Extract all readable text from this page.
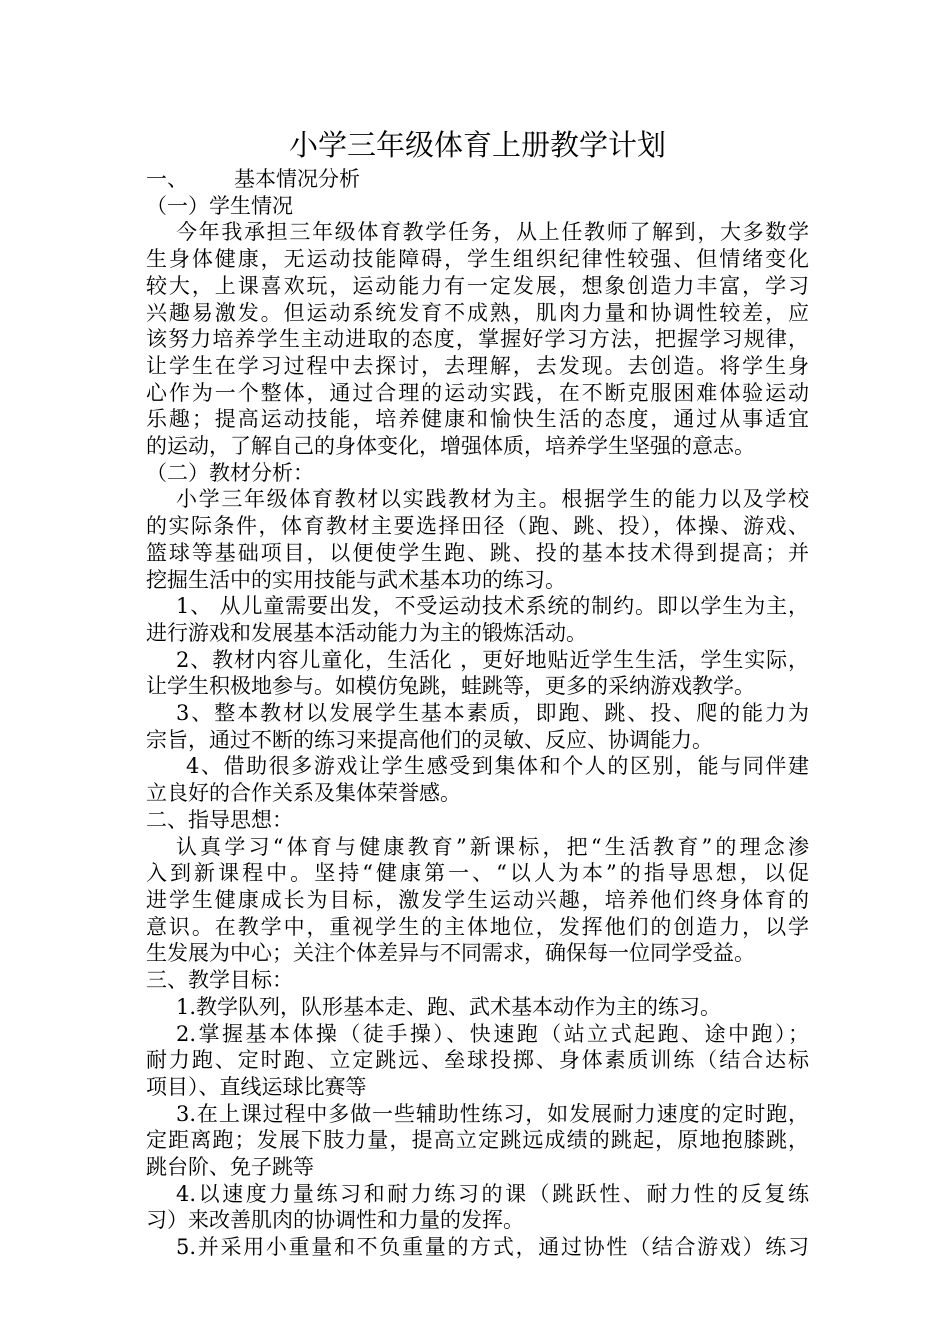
小学三年级体育上册教学计划

一、 基本情况分析

（一）学生情况

今年我承担三年级体育教学任务，从上任教师了解到，大多数学

生身体健康，无运动技能障碍，学生组织纪律性较强、但情绪变化

较大，上课喜欢玩，运动能力有一定发展，想象创造力丰富，学习

兴趣易激发。但运动系统发育不成熟，肌肉力量和协调性较差，应

该努力培养学生主动进取的态度，掌握好学习方法，把握学习规律，

让学生在学习过程中去探讨，去理解，去发现。去创造。将学生身

心作为一个整体，通过合理的运动实践，在不断克服困难体验运动

乐趣；提高运动技能，培养健康和愉快生活的态度，通过从事适宜

的运动，了解自己的身体变化，增强体质，培养学生坚强的意志。

（二）教材分析：

小学三年级体育教材以实践教材为主。根据学生的能力以及学校

的实际条件，体育教材主要选择田径（跑、跳、投），体操、游戏、

篮球等基础项目，以便使学生跑、跳、投的基本技术得到提高；并

挖掘生活中的实用技能与武术基本功的练习。

1、 从儿童需要出发，不受运动技术系统的制约。即以学生为主，

进行游戏和发展基本活动能力为主的锻炼活动。

2、教材内容儿童化，生活化 ，更好地贴近学生生活，学生实际，

让学生积极地参与。如模仿兔跳，蛙跳等，更多的采纳游戏教学。

3、整本教材以发展学生基本素质，即跑、跳、投、爬的能力为

宗旨，通过不断的练习来提高他们的灵敏、反应、协调能力。

4、借助很多游戏让学生感受到集体和个人的区别，能与同伴建

立良好的合作关系及集体荣誉感。

二、指导思想：

认真学习“体育与健康教育”新课标，把“生活教育”的理念渗

入到新课程中。坚持“健康第一、“以人为本”的指导思想，以促

进学生健康成长为目标，激发学生运动兴趣，培养他们终身体育的

意识。在教学中，重视学生的主体地位，发挥他们的创造力，以学

生发展为中心；关注个体差异与不同需求，确保每一位同学受益。

三、教学目标：

1.教学队列，队形基本走、跑、武术基本动作为主的练习。

2.掌握基本体操（徒手操）、快速跑（站立式起跑、途中跑）；

耐力跑、定时跑、立定跳远、垒球投掷、身体素质训练（结合达标

项目）、直线运球比赛等

3.在上课过程中多做一些辅助性练习，如发展耐力速度的定时跑，

定距离跑；发展下肢力量，提高立定跳远成绩的跳起，原地抱膝跳，

跳台阶、免子跳等

4.以速度力量练习和耐力练习的课（跳跃性、耐力性的反复练

习）来改善肌肉的协调性和力量的发挥。

5.并采用小重量和不负重量的方式，通过协性（结合游戏）练习
